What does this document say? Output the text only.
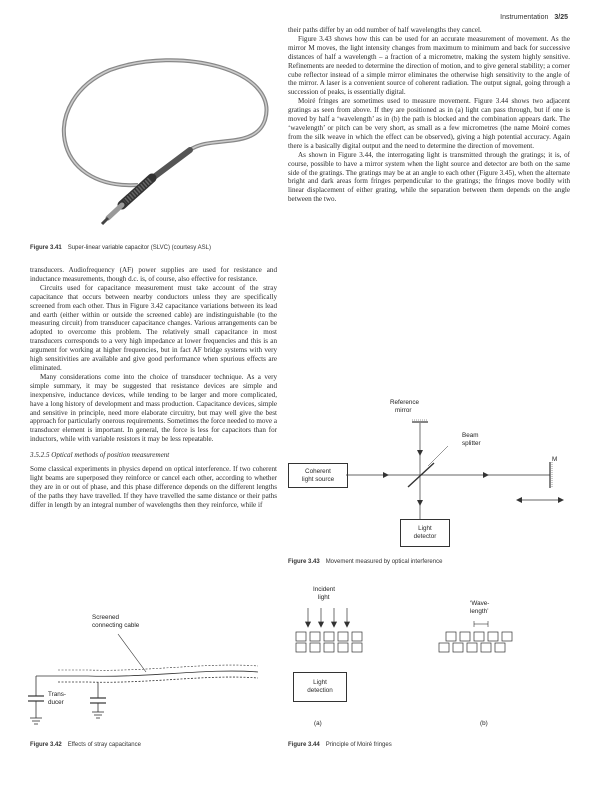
Instrumentation 3/25
Figure 3.41 Super-linear variable capacitor (SLVC) (courtesy ASL)

transducers. Audiofrequency (AF) power supplies are used for resistance and inductance measurements, though d.c. is, of course, also effective for resistance.

Circuits used for capacitance measurement must take account of the stray capacitance that occurs between nearby conductors unless they are specifically screened from each other. Thus in Figure 3.42 capacitance variations between its lead and earth (either within or outside the screened cable) are indistinguishable (to the measuring circuit) from transducer capacitance changes. Various arrangements can be adopted to overcome this problem. The relatively small capacitance in most transducers corresponds to a very high impedance at lower frequencies and this is an argument for working at higher frequencies, but in fact AF bridge systems with very high sensitivities are available and give good performance when spurious effects are eliminated.

Many considerations come into the choice of transducer technique. As a very simple summary, it may be suggested that resistance devices are simple and inexpensive, inductance devices, while tending to be larger and more complicated, have a long history of development and mass production. Capacitance devices, simple and sensitive in principle, need more elaborate circuitry, but may well give the best approach for particularly onerous requirements. Sometimes the force needed to move a transducer element is important. In general, the force is less for capacitors than for inductors, while with variable resistors it may be less repeatable.

3.5.2.5 Optical methods of position measurement

Some classical experiments in physics depend on optical interference. If two coherent light beams are superposed they reinforce or cancel each other, according to whether they are in or out of phase, and this phase difference depends on the different lengths of the paths they have travelled. If they have travelled the same distance or their paths differ in length by an integral number of wavelengths then they reinforce, while if

Screened
connecting cable
Trans-
ducer
Figure 3.42 Effects of stray capacitance

their paths differ by an odd number of half wavelengths they cancel.

Figure 3.43 shows how this can be used for an accurate measurement of movement. As the mirror M moves, the light intensity changes from maximum to minimum and back for successive distances of half a wavelength – a fraction of a micrometre, making the system highly sensitive. Refinements are needed to determine the direction of motion, and to give general stability; a corner cube reflector instead of a simple mirror eliminates the otherwise high sensitivity to the angle of the mirror. A laser is a convenient source of coherent radiation. The output signal, going through a succession of peaks, is essentially digital.

Moiré fringes are sometimes used to measure movement. Figure 3.44 shows two adjacent gratings as seen from above. If they are positioned as in (a) light can pass through, but if one is moved by half a ‘wavelength’ as in (b) the path is blocked and the combination appears dark. The ‘wavelength’ or pitch can be very short, as small as a few micrometres (the name Moiré comes from the silk weave in which the effect can be observed), giving a high potential accuracy. Again there is a basically digital output and the need to determine the direction of movement.

As shown in Figure 3.44, the interrogating light is transmitted through the gratings; it is, of course, possible to have a mirror system when the light source and detector are both on the same side of the gratings. The gratings may be at an angle to each other (Figure 3.45), when the alternate bright and dark areas form fringes perpendicular to the gratings; the fringes move bodily with linear displacement of either grating, while the separation between them depends on the angle between the two.

Reference
mirror
Beam
splitter
M
Coherent
light source
Light
detector
Figure 3.43 Movement measured by optical interference
Incident
light
‘Wave-
length’
Light
detection
(a)	(b)
Figure 3.44 Principle of Moiré fringes
